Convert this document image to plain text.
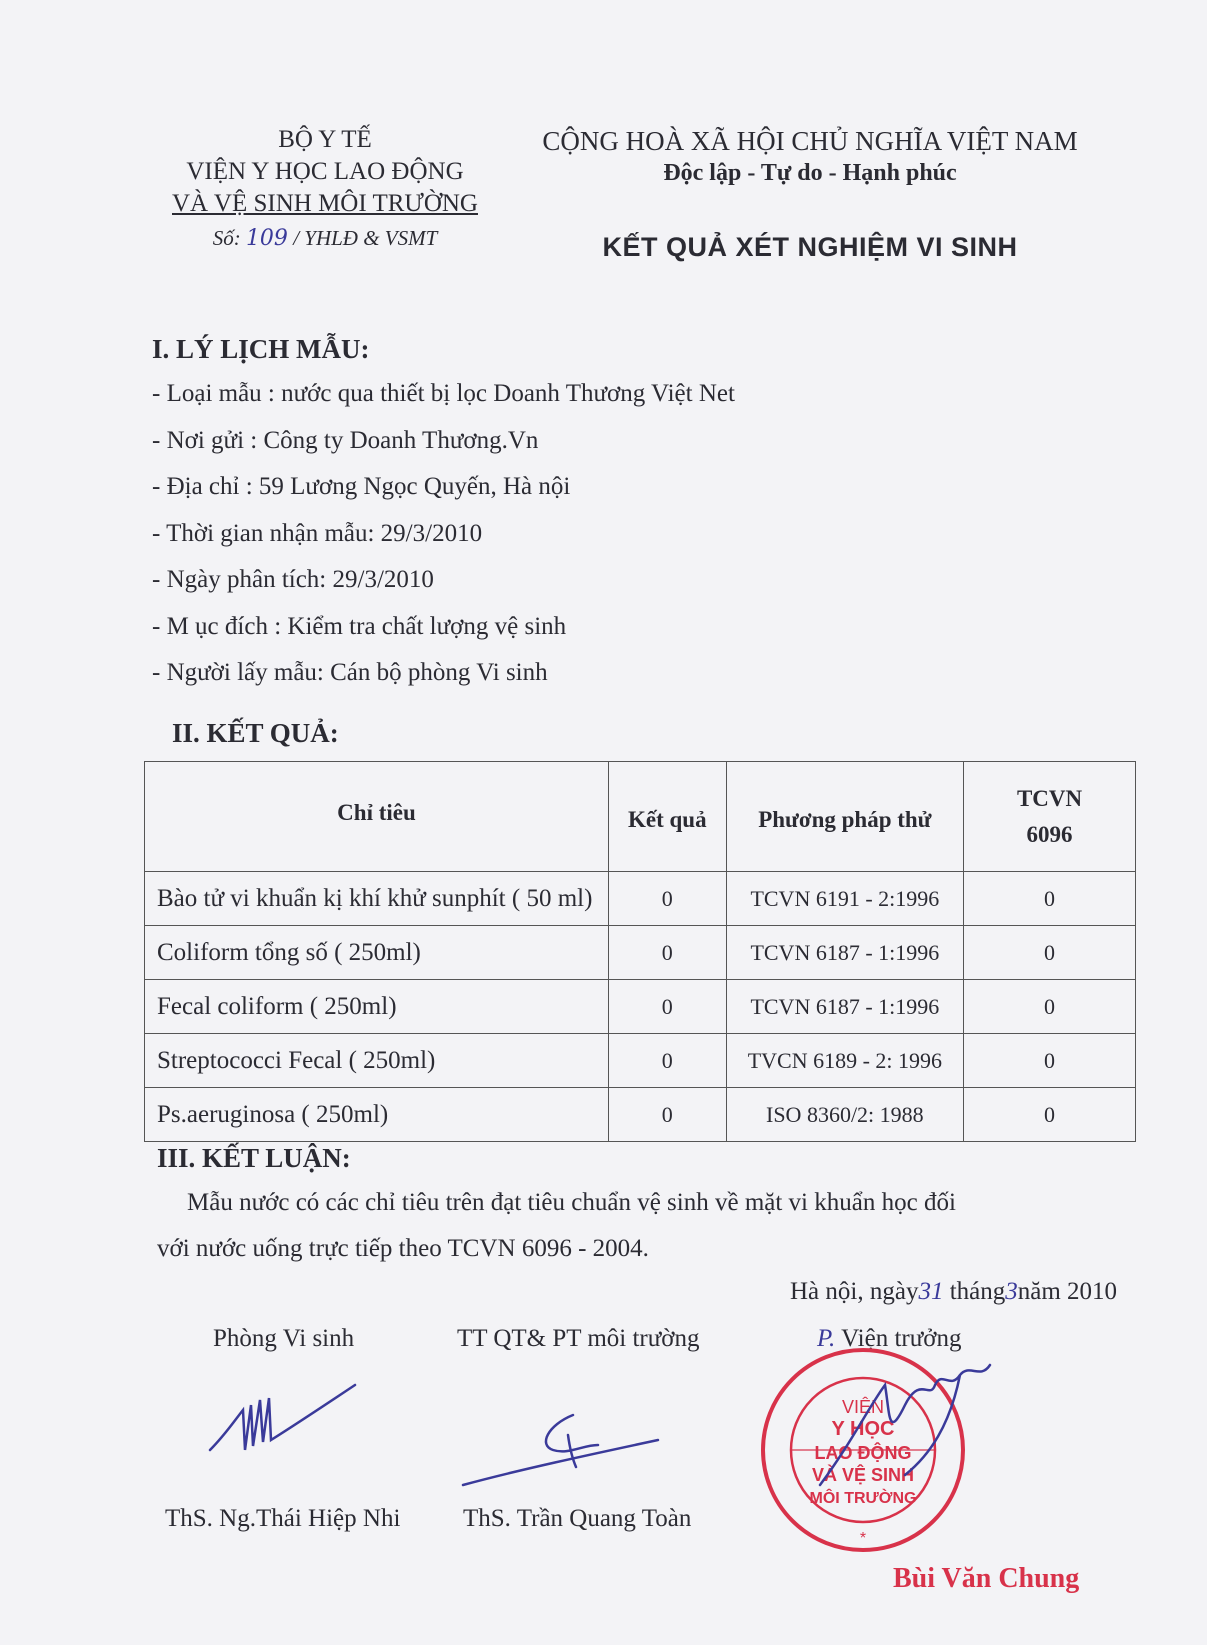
BỘ Y TẾ
VIỆN Y HỌC LAO ĐỘNG
VÀ VỆ SINH MÔI TRƯỜNG
Số: 109 / YHLĐ & VSMT
CỘNG HOÀ XÃ HỘI CHỦ NGHĨA VIỆT NAM
Độc lập - Tự do - Hạnh phúc
KẾT QUẢ XÉT NGHIỆM VI SINH
I. LÝ LỊCH MẪU:
- Loại mẫu : nước qua thiết bị lọc Doanh Thương Việt Net
- Nơi gửi : Công ty Doanh Thương.Vn
- Địa chỉ : 59 Lương Ngọc Quyến, Hà nội
- Thời gian nhận mẫu: 29/3/2010
- Ngày phân tích: 29/3/2010
- M ục đích : Kiểm tra chất lượng vệ sinh
- Người lấy mẫu: Cán bộ phòng Vi sinh
II. KẾT QUẢ:
Chỉ tiêu	Kết quả	Phương pháp thử	TCVN 6096
Bào tử vi khuẩn kị khí khử sunphít ( 50 ml)	0	TCVN 6191 - 2:1996	0
Coliform tổng số ( 250ml)	0	TCVN 6187 - 1:1996	0
Fecal coliform ( 250ml)	0	TCVN 6187 - 1:1996	0
Streptococci Fecal ( 250ml)	0	TVCN 6189 - 2: 1996	0
Ps.aeruginosa ( 250ml)	0	ISO 8360/2: 1988	0
III. KẾT LUẬN:
Mẫu nước có các chỉ tiêu trên đạt tiêu chuẩn vệ sinh về mặt vi khuẩn học đối
với nước uống trực tiếp theo TCVN 6096 - 2004.
Hà nội, ngày31 tháng3năm 2010
Phòng Vi sinh	TT QT& PT môi trường	P. Viện trưởng
VIỆN
Y HỌC
LAO ĐỘNG
VÀ VỆ SINH
MÔI TRƯỜNG
*
ThS. Ng.Thái Hiệp Nhi	ThS. Trần Quang Toàn
Bùi Văn Chung
